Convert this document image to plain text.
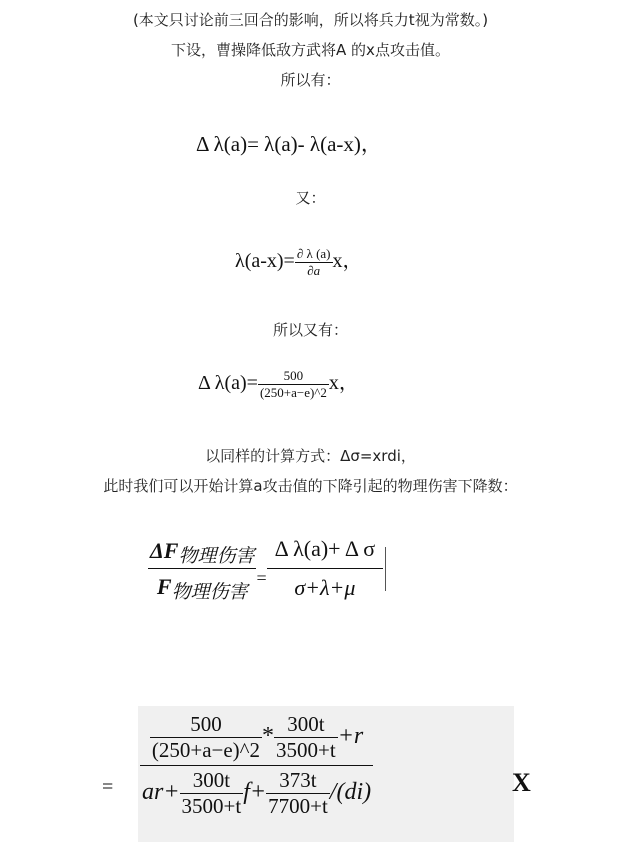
(本文只讨论前三回合的影响，所以将兵力t视为常数。)
下设，曹操降低敌方武将A 的x点攻击值。
所以有：
Δ λ(a)= λ(a)- λ(a-x)，
又：
$\lambda(a-x)= \frac{\partial \lambda (a)}{\partial a}$ x，
所以又有：
Δ $\lambda(a)= \frac{500}{(250+a-e)\^{}2}$ x，
以同样的计算方式：Δσ=xrdi，
此时我们可以开始计算a攻击值的下降引起的物理伤害下降数：
$\frac{\text{ΔF物理伤害}}{\text{F物理伤害}} _= \frac{\text{Δ λ(a)+ Δ σ}}{\sigma+\lambda+\mu}$
= $\frac{\frac{500}{(250+a-e)\^{}2} * \frac{300t}{3500+t} +r}{ar+ \frac{300t}{3500+t} f+ \frac{373t}{7700+t} /(di)}$	X
